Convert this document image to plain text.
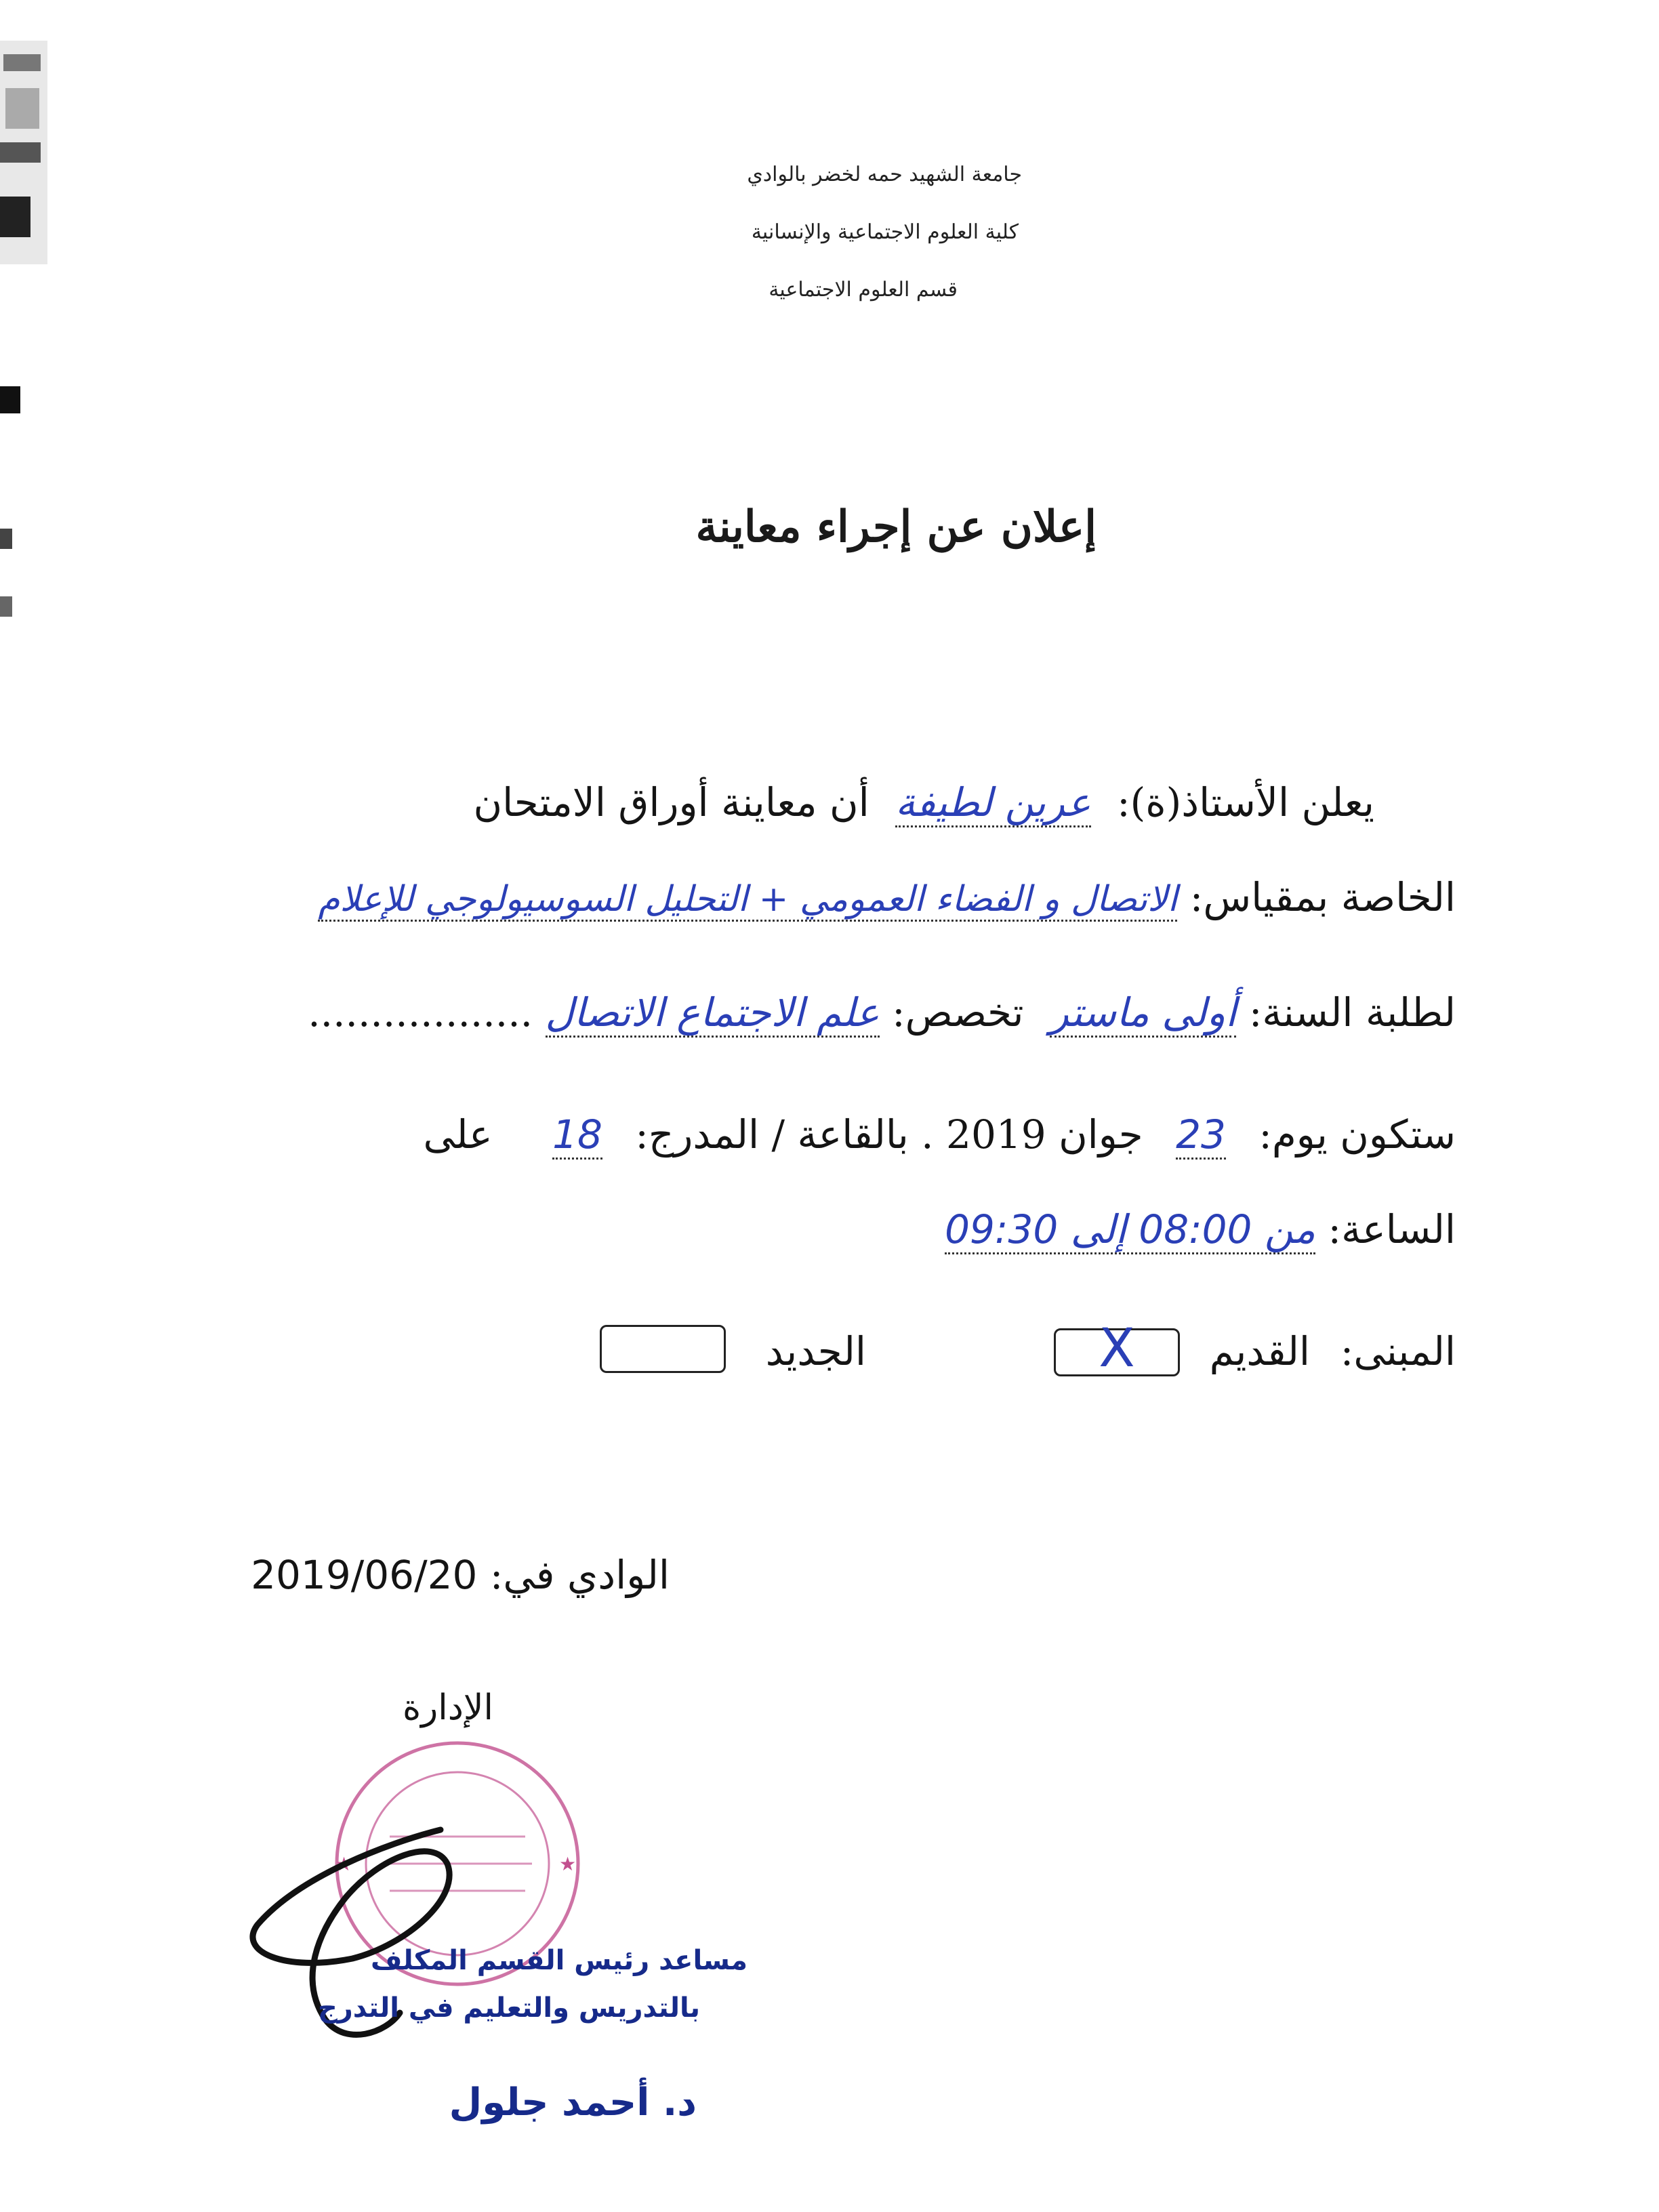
جامعة الشهيد حمه لخضر بالوادي
كلية العلوم الاجتماعية والإنسانية
قسم العلوم الاجتماعية
إعلان عن إجراء معاينة
يعلن الأستاذ(ة): عرين لطيفة أن معاينة أوراق الامتحان
الخاصة بمقياس: الاتصال و الفضاء العمومي + التحليل السوسيولوجي للإعلام
لطلبة السنة: أولى ماستر تخصص: علم الاجتماع الاتصال ..................
ستكون يوم: 23 جوان 2019 . بالقاعة / المدرج: 18 على
الساعة: من 08:00 إلى 09:30
المبنى:
القديم
X
الجديد
الوادي في: 2019/06/20
الإدارة
★	★
مساعد رئيس القسم المكلف
بالتدريس والتعليم في التدرج
د. أحمد جلول
